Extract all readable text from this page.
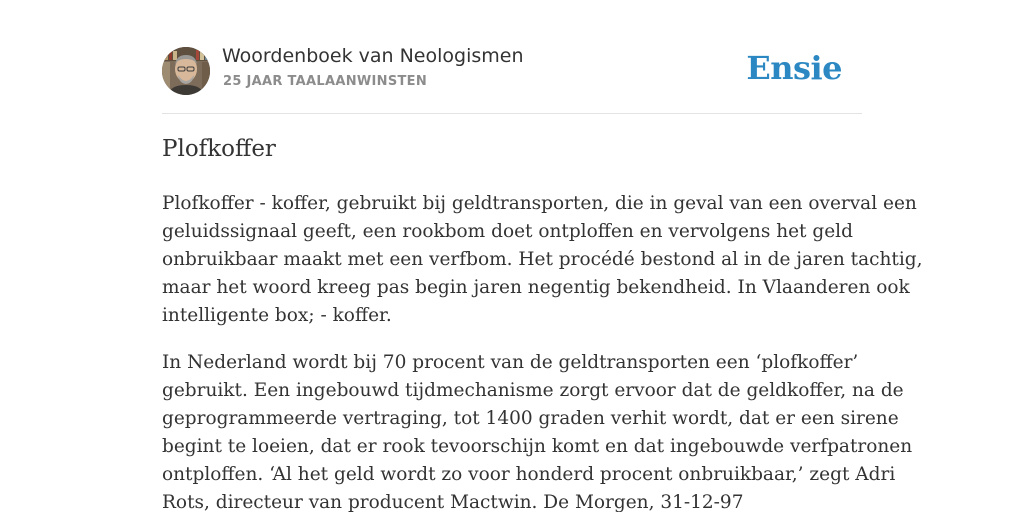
Woordenboek van Neologismen
25 JAAR TAALAANWINSTEN	Ensie
Plofkoffer

Plofkoffer - koffer, gebruikt bij geldtransporten, die in geval van een overval een
geluidssignaal geeft, een rookbom doet ontploffen en vervolgens het geld
onbruikbaar maakt met een verfbom. Het procédé bestond al in de jaren tachtig,
maar het woord kreeg pas begin jaren negentig bekendheid. In Vlaanderen ook
intelligente box; - koffer.

In Nederland wordt bij 70 procent van de geldtransporten een ‘plofkoffer’
gebruikt. Een ingebouwd tijdmechanisme zorgt ervoor dat de geldkoffer, na de
geprogrammeerde vertraging, tot 1400 graden verhit wordt, dat er een sirene
begint te loeien, dat er rook tevoorschijn komt en dat ingebouwde verfpatronen
ontploffen. ‘Al het geld wordt zo voor honderd procent onbruikbaar,’ zegt Adri
Rots, directeur van producent Mactwin. De Morgen, 31-12-97
